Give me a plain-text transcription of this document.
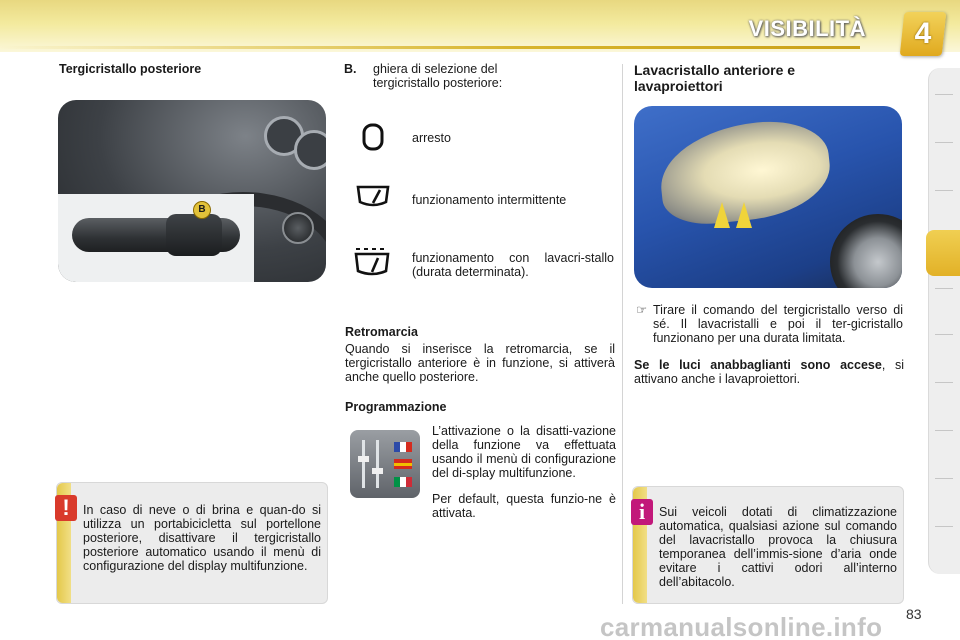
VISIBILITÀ	4
Tergicristallo posteriore
B
!	In caso di neve o di brina e quan-do si utilizza un portabicicletta sul portellone posteriore, disattivare il tergicristallo posteriore automatico usando il menù di configurazione del display multifunzione.
B. ghiera di selezione del tergicristallo posteriore:
arresto
funzionamento intermittente
funzionamento con lavacri-stallo (durata determinata).
Retromarcia
Quando si inserisce la retromarcia, se il tergicristallo anteriore è in funzione, si attiverà anche quello posteriore.
Programmazione
L’attivazione o la disatti-vazione della funzione va effettuata usando il menù di configurazione del di-splay multifunzione.
Per default, questa funzio-ne è attivata.
Lavacristallo anteriore e lavaproiettori
☞ Tirare il comando del tergicristallo verso di sé. Il lavacristalli e poi il ter-gicristallo funzionano per una durata limitata.
Se le luci anabbaglianti sono accese, si attivano anche i lavaproiettori.
i	Sui veicoli dotati di climatizzazione automatica, qualsiasi azione sul comando del lavacristallo provoca la chiusura temporanea dell’immis-sione d’aria onde evitare i cattivi odori all’interno dell’abitacolo.
carmanualsonline.info 83
